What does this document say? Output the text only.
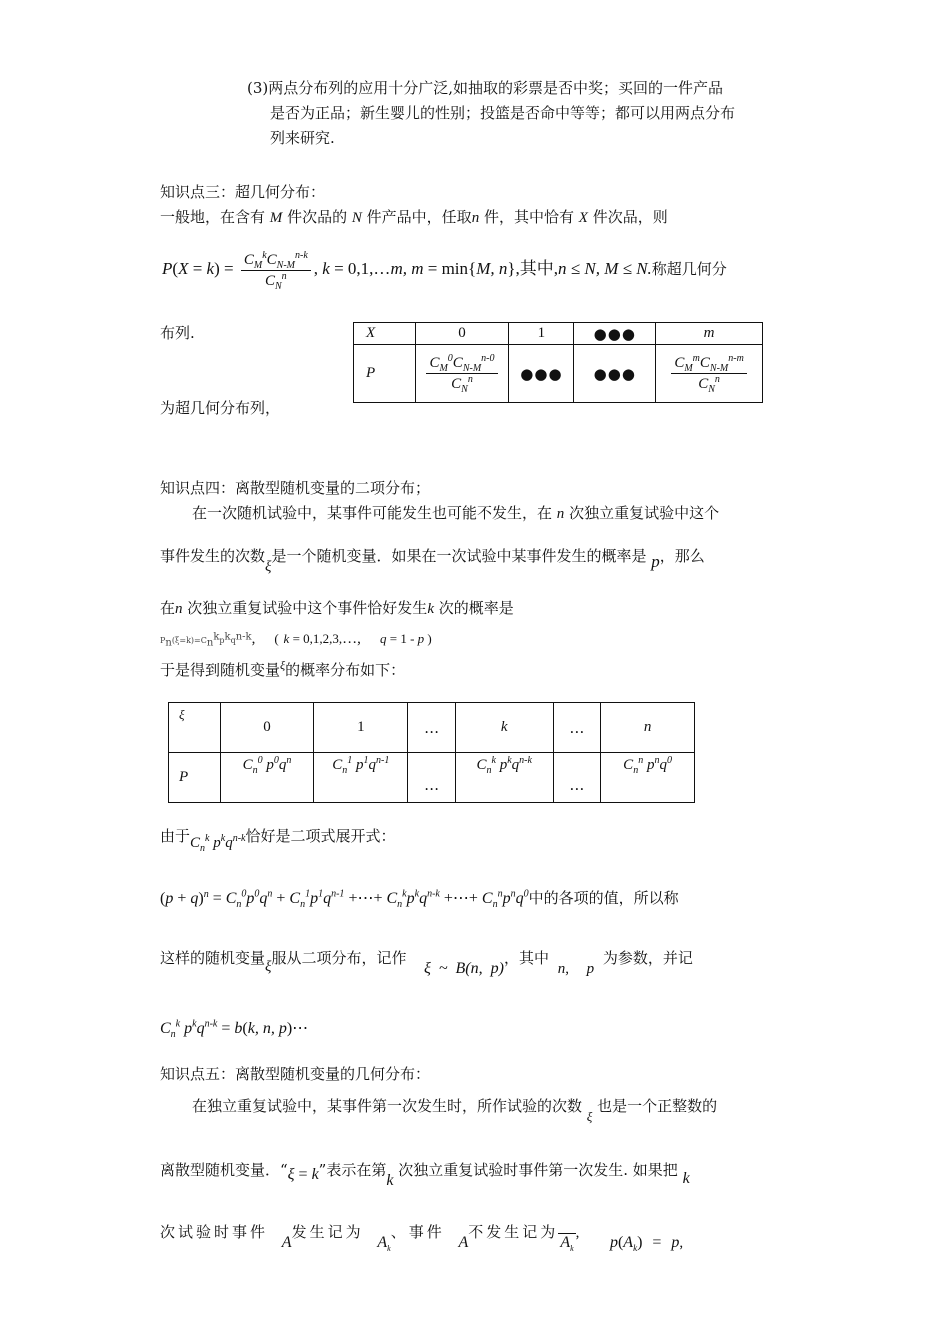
(3)两点分布列的应用十分广泛,如抽取的彩票是否中奖；买回的一件产品
是否为正品；新生婴儿的性别；投篮是否命中等等；都可以用两点分布
列来研究.
知识点三：超几何分布：
一般地，在含有 M 件次品的 N 件产品中，任取n 件，其中恰有 X 件次品，则
$P(X = k) = \frac{C_M^kC_{N-M}^{n-k}}{C_N^n}$ , k = 0,1,…m, m = min{M, n},其中,n ≤ N, M ≤ N.称超几何分
布列.	X	0	1	●●●	m
P	$\frac{C_M^0C_{N-M}^{n-0}}{C_N^n}$	●●●	●●●	$\frac{C_M^mC_{N-M}^{n-m}}{C_N^n}$
为超几何分布列，
知识点四：离散型随机变量的二项分布；
在一次随机试验中，某事件可能发生也可能不发生，在 n 次独立重复试验中这个
事件发生的次数ξ是一个随机变量．如果在一次试验中某事件发生的概率是 p，那么
在n 次独立重复试验中这个事件恰好发生k 次的概率是
$P_n(\xi=k)=C_n^kp^kq^{n-k}$, ( k = 0,1,2,3,…, q = 1 - p )
于是得到随机变量$^\xi$的概率分布如下：
ξ	0	1	…	k	…	n
P	$C_n^0$ $p^0q^n$	$C_n^1$ $p^1q^{n-1}$	…	$C_n^k$ $p^kq^{n-k}$	…	$C_n^n$ $p^nq^0$
由于$C_n^k$ $p^kq^{n-k}$恰好是二项式展开式：
$(p + q)^n = C_n^0p^0q^n + C_n^1p^1q^{n-1}$ +⋯+ $C_n^kp^kq^{n-k}$ +⋯+ $C_n^np^nq^0$中的各项的值，所以称
这样的随机变量ξ服从二项分布，记作  ξ ~ B(n, p)，其中 n, p 为参数，并记
$C_n^k$ $p^kq^{n-k} = b(k$, n, p)⋯
知识点五：离散型随机变量的几何分布：
在独立重复试验中，某事件第一次发生时，所作试验的次数 ξ 也是一个正整数的
离散型随机变量．“ξ = k”表示在第k 次独立重复试验时事件第一次发生. 如果把 k
次试验时事件 A发生记为 $A_k$、事件 A不发生记为$A_k$,  $p(A_k) = p$,
